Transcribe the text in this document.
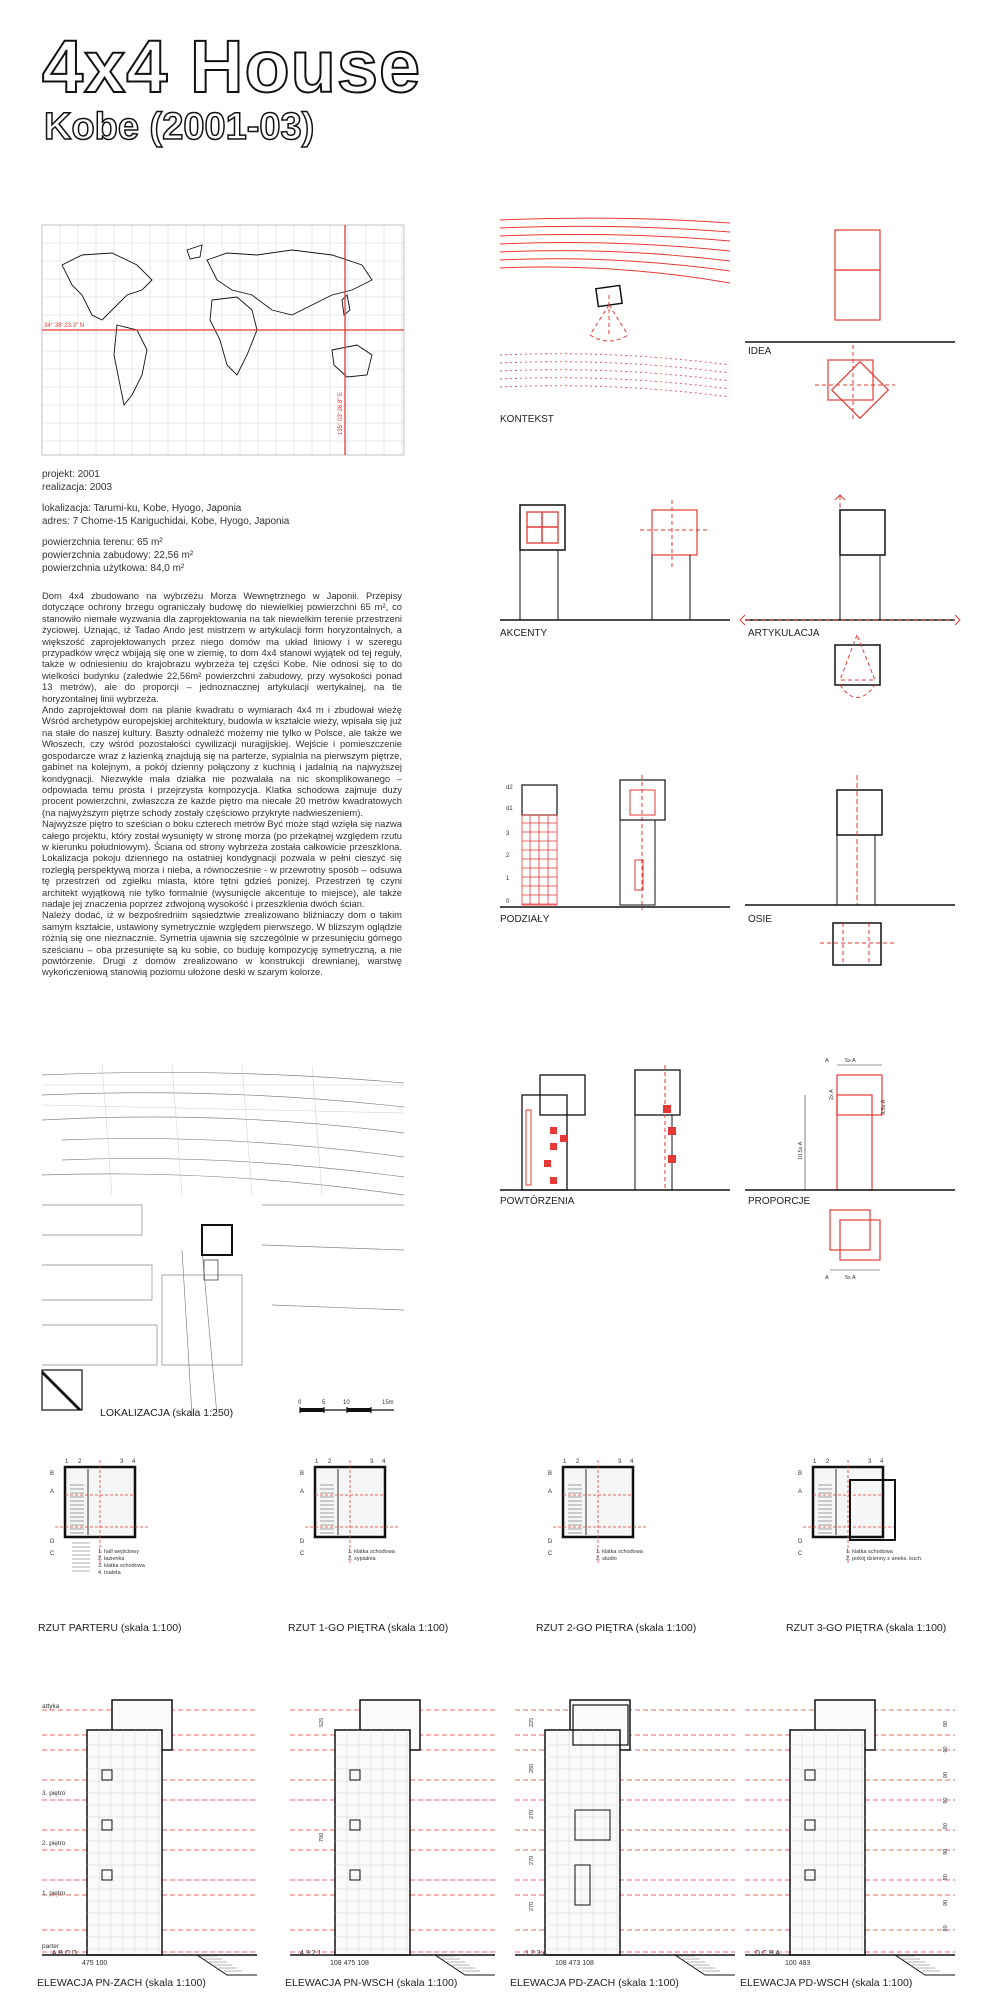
4x4 House
Kobe (2001-03)
34° 38' 23.3" N
135° 03' 26.8" E
projekt: 2001
realizacja: 2003
lokalizacja: Tarumi-ku, Kobe, Hyogo, Japonia
adres: 7 Chome-15 Kariguchidai, Kobe, Hyogo, Japonia
powierzchnia terenu: 65 m²
powierzchnia zabudowy: 22,56 m²
powierzchnia użytkowa: 84,0 m²

Dom 4x4 zbudowano na wybrzeżu Morza Wewnętrznego w Japonii. Przepisy dotyczące ochrony brzegu ograniczały budowę do niewielkiej powierzchni 65 m², co stanowiło niemałe wyzwania dla zaprojektowania na tak niewielkim terenie przestrzeni życiowej. Uznając, iż Tadao Ando jest mistrzem w artykulacji form horyzontalnych, a większość zaprojektowanych przez niego domów ma układ liniowy i w szeregu przypadków wręcz wbijają się one w ziemię, to dom 4x4 stanowi wyjątek od tej reguły, także w odniesieniu do krajobrazu wybrzeża tej części Kobe. Nie odnosi się to do wielkości budynku (zaledwie 22,56m² powierzchni zabudowy, przy wysokości ponad 13 metrów), ale do proporcji – jednoznacznej artykulacji wertykalnej, na tle horyzontalnej linii wybrzeża.

Ando zaprojektował dom na planie kwadratu o wymiarach 4x4 m i zbudował wieżę Wśród archetypów europejskiej architektury, budowla w kształcie wieży, wpisała się już na stałe do naszej kultury. Baszty odnaleźć możemy nie tylko w Polsce, ale także we Włoszech, czy wśród pozostałości cywilizacji nuragijskiej. Wejście i pomieszczenie gospodarcze wraz z łazienką znajdują się na parterze, sypialnia na pierwszym piętrze, gabinet na kolejnym, a pokój dzienny połączony z kuchnią i jadalnią na najwyższej kondygnacji. Niezwykle mała działka nie pozwalała na nic skomplikowanego – odpowiada temu prosta i przejrzysta kompozycja. Klatka schodowa zajmuje duży procent powierzchni, zwłaszcza że każde piętro ma niecałe 20 metrów kwadratowych (na najwyższym piętrze schody zostały częściowo przykryte nadwieszeniem).

Najwyższe piętro to sześcian o boku czterech metrów Być może stąd wzięła się nazwa całego projektu, który został wysunięty w stronę morza (po przekątnej względem rzutu w kierunku południowym). Ściana od strony wybrzeża została całkowicie przeszklona. Lokalizacja pokoju dziennego na ostatniej kondygnacji pozwala w pełni cieszyć się rozległą perspektywą morza i nieba, a równocześnie - w przewrotny sposób – odsuwa tę przestrzeń od zgiełku miasta, które tętni gdzieś poniżej. Przestrzeń tę czyni architekt wyjątkową nie tylko formalnie (wysunięcie akcentuje to miejsce), ale także nadaje jej znaczenia poprzez zdwojoną wysokość i przeszklenia dwóch ścian.

Należy dodać, iż w bezpośrednim sąsiedztwie zrealizowano bliźniaczy dom o takim samym kształcie, ustawiony symetrycznie względem pierwszego. W bliższym oglądzie różnią się one nieznacznie. Symetria ujawnia się szczególnie w przesunięciu górnego sześcianu – oba przesunięte są ku sobie, co buduję kompozycję symetryczną, a nie powtórzenie. Drugi z domów zrealizowano w konstrukcji drewnianej, warstwę wykończeniową stanowią poziomu ułożone deski w szarym kolorze.

KONTEKST
IDEA
AKCENTY	ARTYKULACJA
d2
d1
3
2
1
0
PODZIAŁY	OSIE
POWTÓRZENIA
5x A
2x A
3,5x A
10,5x A
5x A
A
A
PROPORCJE
0	5	10	15m
LOKALIZACJA (skala 1:250)
1 2	3 4
B
A
D
C	1. hall wejściowy
2. łazienka
3. klatka schodowa
4. toaleta
RZUT PARTERU (skala 1:100)
1 2	3 4
B
A
D
C	1. klatka schodowa
2. sypialnia
RZUT 1-GO PIĘTRA (skala 1:100)
1 2	3 4
B
A
D
C	1. klatka schodowa
2. studio
RZUT 2-GO PIĘTRA (skala 1:100)
1 2	3 4
B
A
D
C	1. klatka schodowa
2. pokój dzienny z aneks. kuch.
RZUT 3-GO PIĘTRA (skala 1:100)
attyka
3. piętro
2. piętro
1. piętro
parter
A B C D
475 100
ELEWACJA PN-ZACH (skala 1:100)
525
790
4 3 2 1
108 475 108
ELEWACJA PN-WSCH (skala 1:100)
225
260
270
270
270
1 2 3 4
108 473 108
ELEWACJA PD-ZACH (skala 1:100)
90
90
90
90
90
90
90
90
90
D C B A
100 483
ELEWACJA PD-WSCH (skala 1:100)
